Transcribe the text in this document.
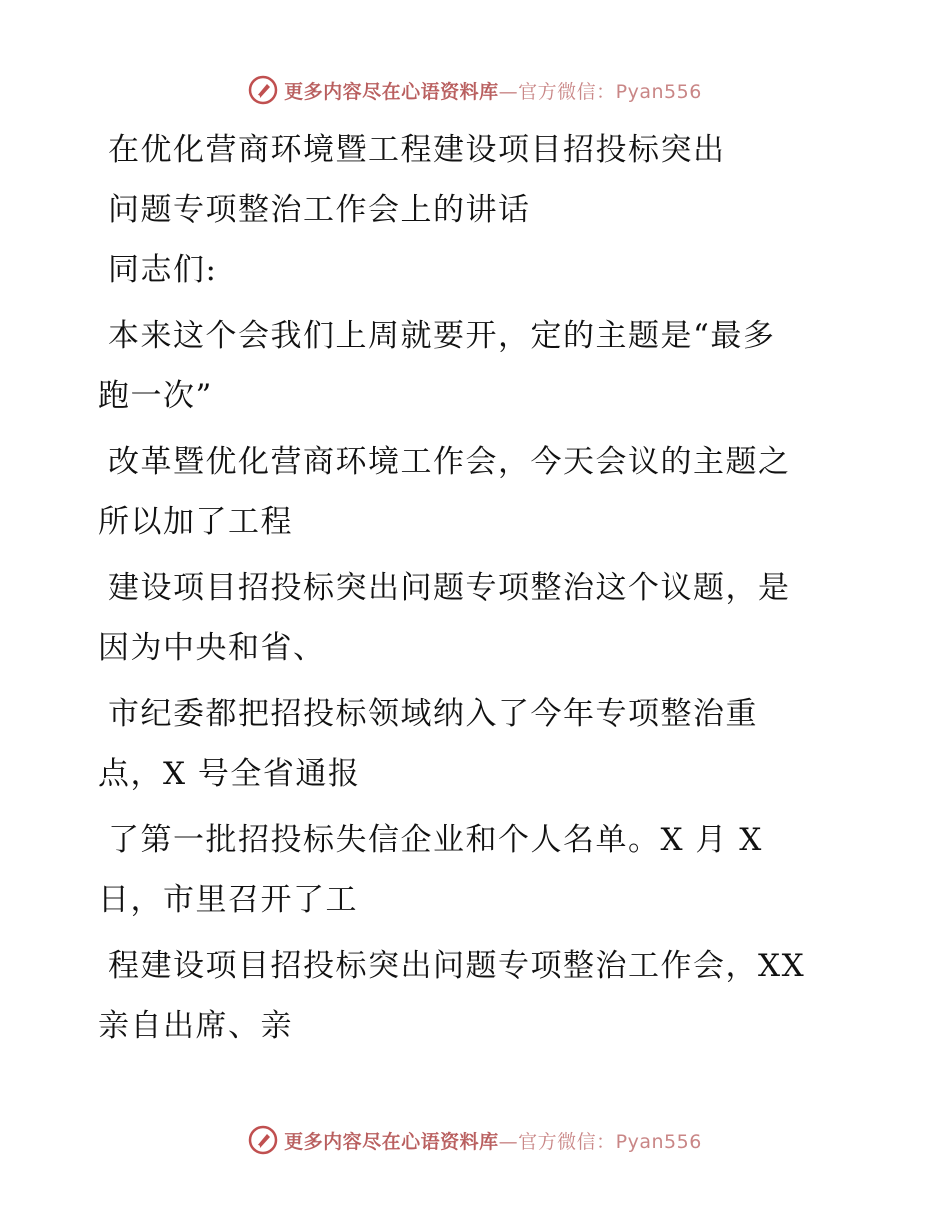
更多内容尽在心语资料库—官方微信：Pyan556
在优化营商环境暨工程建设项目招投标突出
问题专项整治工作会上的讲话
同志们:
本来这个会我们上周就要开，定的主题是“最多
跑一次”
改革暨优化营商环境工作会，今天会议的主题之
所以加了工程
建设项目招投标突出问题专项整治这个议题，是
因为中央和省、
市纪委都把招投标领域纳入了今年专项整治重
点，X 号全省通报
了第一批招投标失信企业和个人名单。X 月 X
日，市里召开了工
程建设项目招投标突出问题专项整治工作会，XX
亲自出席、亲
更多内容尽在心语资料库—官方微信：Pyan556
